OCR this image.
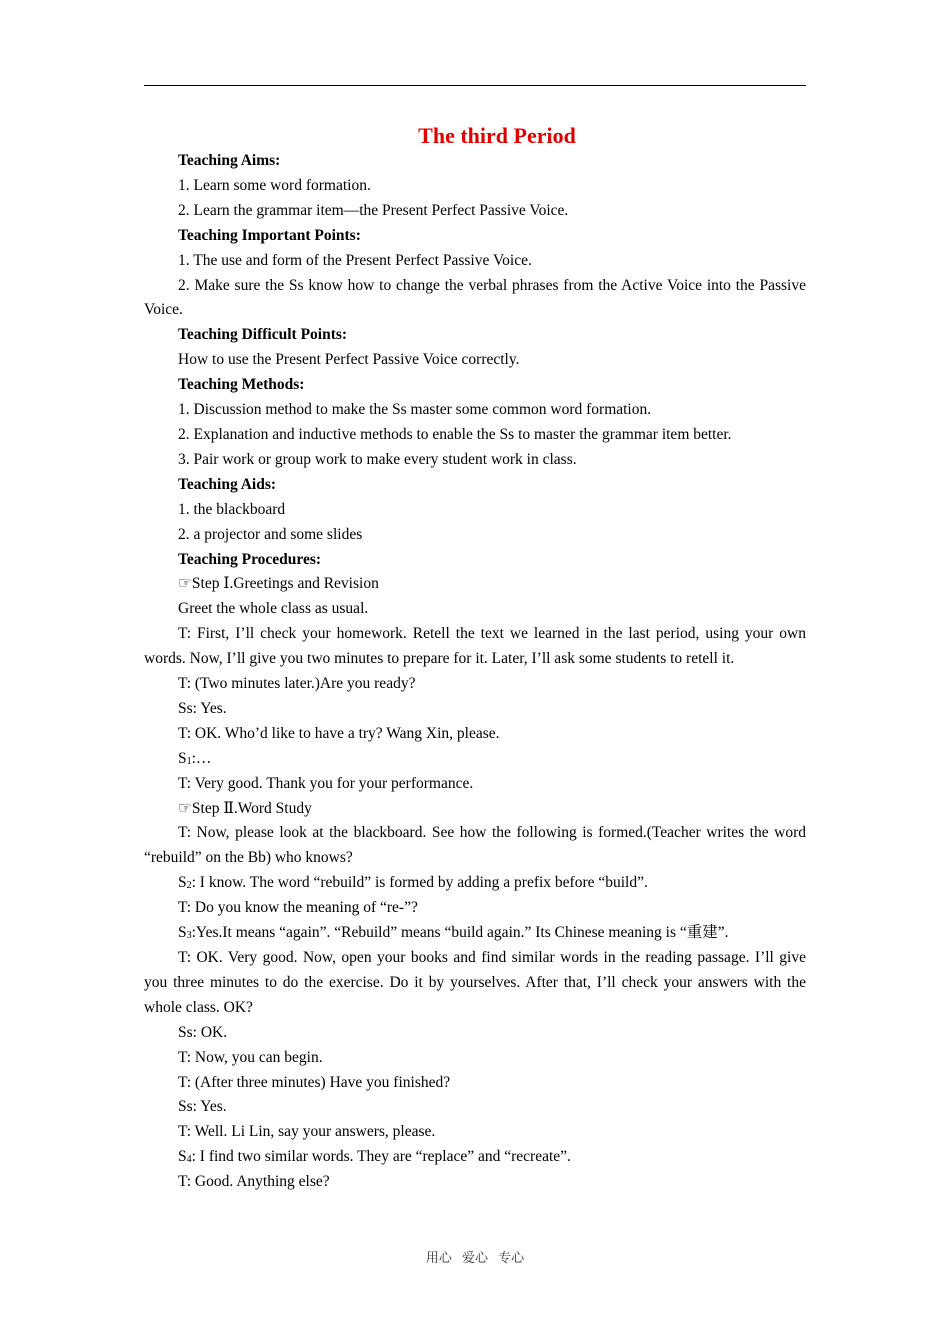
The third Period

Teaching Aims:

1. Learn some word formation.

2. Learn the grammar item—the Present Perfect Passive Voice.

Teaching Important Points:

1. The use and form of the Present Perfect Passive Voice.

2. Make sure the Ss know how to change the verbal phrases from the Active Voice into the Passive Voice.

Teaching Difficult Points:

How to use the Present Perfect Passive Voice correctly.

Teaching Methods:

1. Discussion method to make the Ss master some common word formation.

2. Explanation and inductive methods to enable the Ss to master the grammar item better.

3. Pair work or group work to make every student work in class.

Teaching Aids:

1. the blackboard

2. a projector and some slides

Teaching Procedures:

☞Step Ⅰ.Greetings and Revision

Greet the whole class as usual.

T: First, I’ll check your homework. Retell the text we learned in the last period, using your own words. Now, I’ll give you two minutes to prepare for it. Later, I’ll ask some students to retell it.

T: (Two minutes later.)Are you ready?

Ss: Yes.

T: OK. Who’d like to have a try? Wang Xin, please.

$S_1:\dots$

T: Very good. Thank you for your performance.

☞Step Ⅱ.Word Study

T: Now, please look at the blackboard. See how the following is formed.(Teacher writes the word “rebuild” on the Bb) who knows?

$S_2$: I know. The word “rebuild” is formed by adding a prefix before “build”.

T: Do you know the meaning of “re-”?

$S_3:Yes.It$ means “again”. “Rebuild” means “build again.” Its Chinese meaning is “重建”.

T: OK. Very good. Now, open your books and find similar words in the reading passage. I’ll give you three minutes to do the exercise. Do it by yourselves. After that, I’ll check your answers with the whole class. OK?

Ss: OK.

T: Now, you can begin.

T: (After three minutes) Have you finished?

Ss: Yes.

T: Well. Li Lin, say your answers, please.

$S_4$: I find two similar words. They are “replace” and “recreate”.

T: Good. Anything else?

用心 爱心 专心
